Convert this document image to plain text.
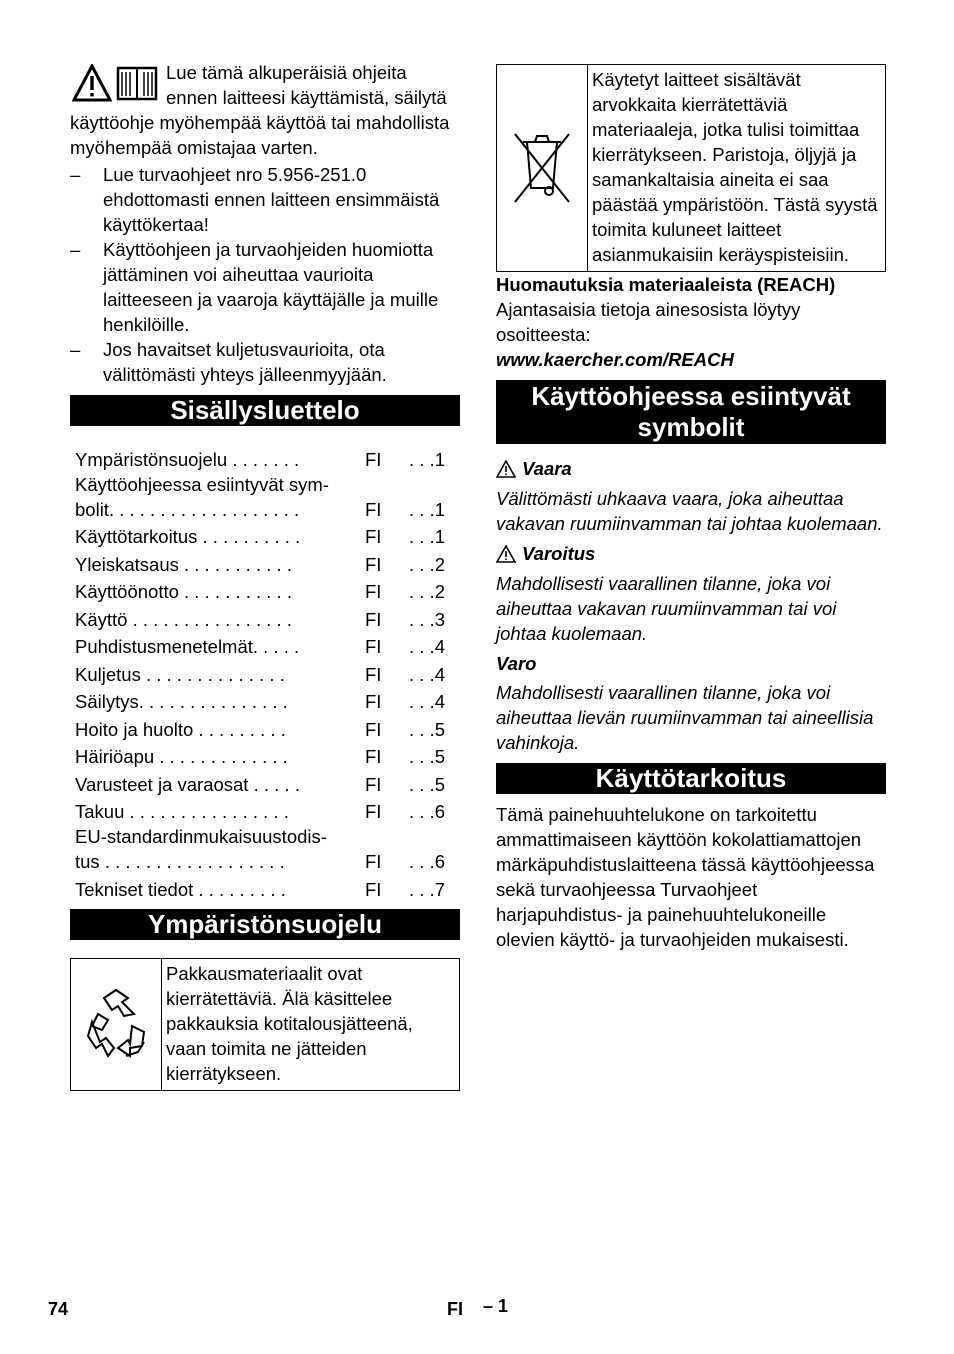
Lue tämä alkuperäisiä ohjeita ennen laitteesi käyttämistä, säilytä käyttöohje myöhempää käyttöä tai mahdollista myöhempää omistajaa varten.

– Lue turvaohjeet nro 5.956-251.0 ehdottomasti ennen laitteen ensimmäistä käyttökertaa!
– Käyttöohjeen ja turvaohjeiden huomiotta jättäminen voi aiheuttaa vaurioita laitteeseen ja vaaroja käyttäjälle ja muille henkilöille.
– Jos havaitset kuljetusvaurioita, ota välittömästi yhteys jälleenmyyjään.
Sisällysluettelo
Ympäristönsuojelu . . . . . . .	FI	. . .1
Käyttöohjeessa esiintyvät sym-
bolit. . . . . . . . . . . . . . . . . . .	FI	. . .1
Käyttötarkoitus . . . . . . . . . .	FI	. . .1
Yleiskatsaus . . . . . . . . . . .	FI	. . .2
Käyttöönotto . . . . . . . . . . .	FI	. . .2
Käyttö . . . . . . . . . . . . . . . .	FI	. . .3
Puhdistusmenetelmät. . . . .	FI	. . .4
Kuljetus . . . . . . . . . . . . . .	FI	. . .4
Säilytys. . . . . . . . . . . . . . .	FI	. . .4
Hoito ja huolto . . . . . . . . .	FI	. . .5
Häiriöapu . . . . . . . . . . . . .	FI	. . .5
Varusteet ja varaosat . . . . .	FI	. . .5
Takuu . . . . . . . . . . . . . . . .	FI	. . .6
EU-standardinmukaisuustodis-
tus . . . . . . . . . . . . . . . . . .	FI	. . .6
Tekniset tiedot . . . . . . . . .	FI	. . .7
Ympäristönsuojelu
Pakkausmateriaalit ovat kierrätettäviä. Älä käsittelee pakkauksia kotitalousjätteenä, vaan toimita ne jätteiden kierrätykseen.
Käytetyt laitteet sisältävät arvokkaita kierrätettäviä materiaaleja, jotka tulisi toimittaa kierrätykseen. Paristoja, öljyjä ja samankaltaisia aineita ei saa päästää ympäristöön. Tästä syystä toimita kuluneet laitteet asianmukaisiin keräyspisteisiin.

Huomautuksia materiaaleista (REACH)

Ajantasaisia tietoja ainesosista löytyy osoitteesta:

www.kaercher.com/REACH

Käyttöohjeessa esiintyvät symbolit
Vaara

Välittömästi uhkaava vaara, joka aiheuttaa vakavan ruumiinvamman tai johtaa kuolemaan.

Varoitus

Mahdollisesti vaarallinen tilanne, joka voi aiheuttaa vakavan ruumiinvamman tai voi johtaa kuolemaan.

Varo

Mahdollisesti vaarallinen tilanne, joka voi aiheuttaa lievän ruumiinvamman tai aineellisia vahinkoja.

Käyttötarkoitus

Tämä painehuuhtelukone on tarkoitettu ammattimaiseen käyttöön kokolattiamattojen märkäpuhdistuslaitteena tässä käyttöohjeessa sekä turvaohjeessa Turvaohjeet harjapuhdistus- ja painehuuhtelukoneille olevien käyttö- ja turvaohjeiden mukaisesti.

74	FI – 1
